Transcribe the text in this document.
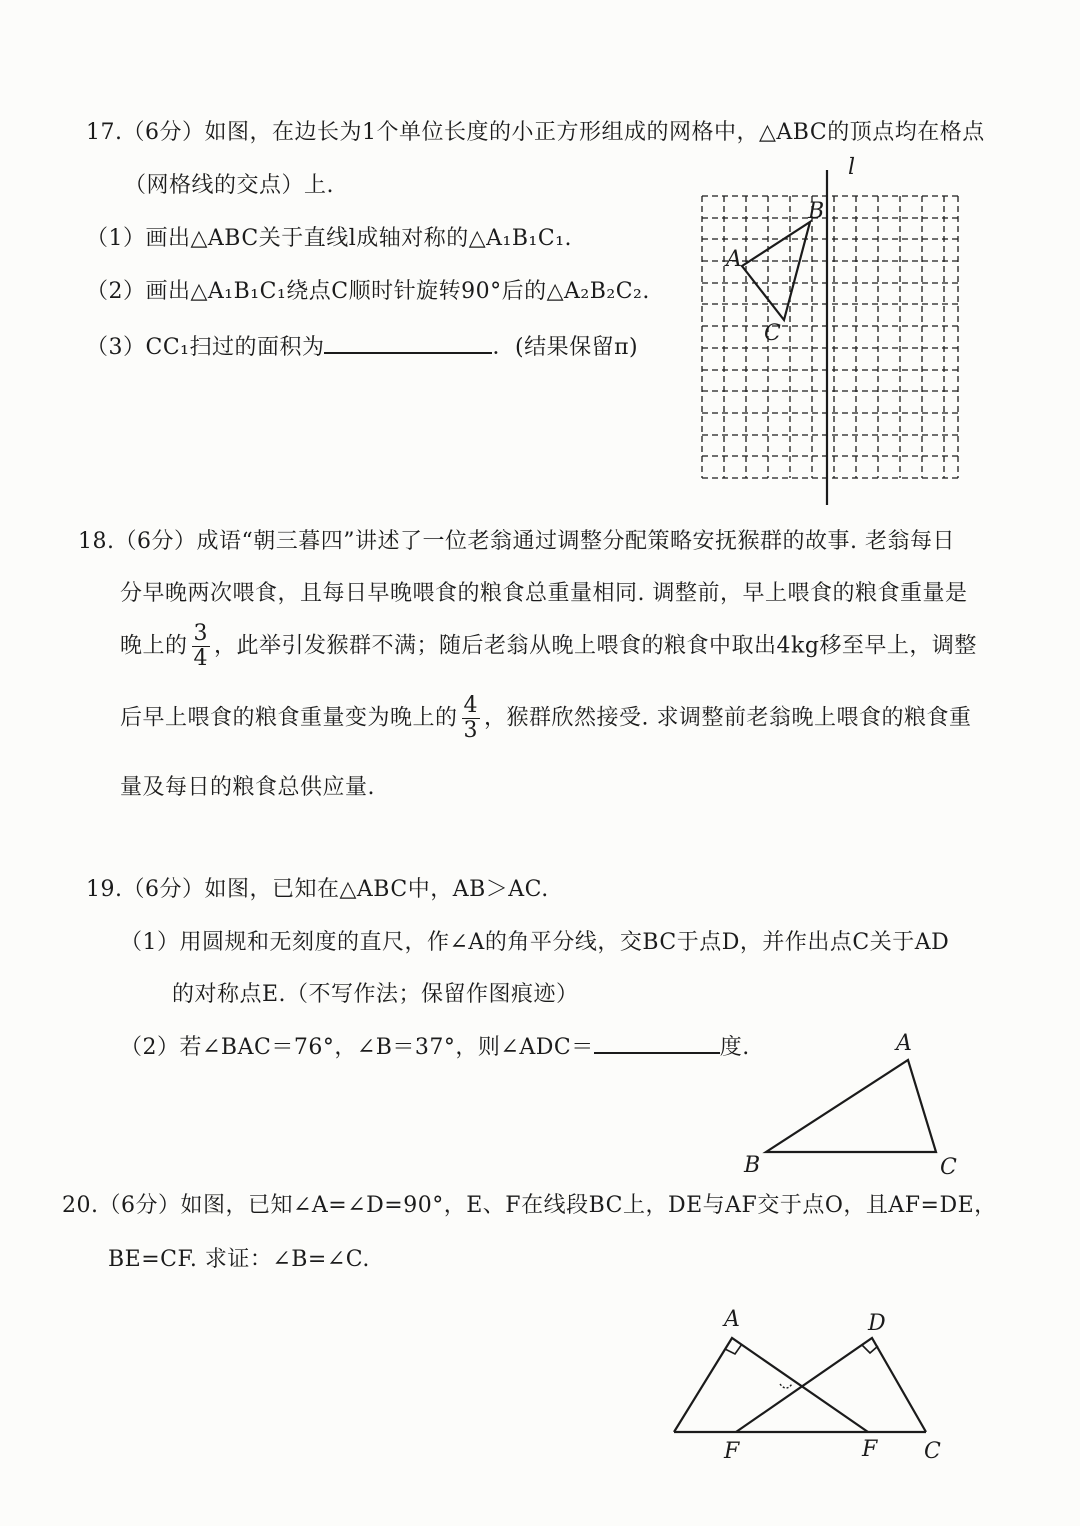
17.（6分）如图，在边长为1个单位长度的小正方形组成的网格中，△ABC的顶点均在格点
（网格线的交点）上.
（1）画出△ABC关于直线l成轴对称的△A₁B₁C₁.
（2）画出△A₁B₁C₁绕点C顺时针旋转90°后的△A₂B₂C₂.
（3）CC₁扫过的面积为	．(结果保留π)
l
A
B
C
18.（6分）成语“朝三暮四”讲述了一位老翁通过调整分配策略安抚猴群的故事. 老翁每日
分早晚两次喂食，且每日早晚喂食的粮食总重量相同. 调整前，早上喂食的粮食重量是
晚上的 $\frac{3}{4}$ ，此举引发猴群不满；随后老翁从晚上喂食的粮食中取出4kg移至早上，调整
后早上喂食的粮食重量变为晚上的 $\frac{4}{3}$ ，猴群欣然接受. 求调整前老翁晚上喂食的粮食重
量及每日的粮食总供应量.
19.（6分）如图，已知在△ABC中，AB＞AC.
（1）用圆规和无刻度的直尺，作∠A的角平分线，交BC于点D，并作出点C关于AD
的对称点E.（不写作法；保留作图痕迹）
（2）若∠BAC＝76°，∠B＝37°，则∠ADC＝	度.	A
B	C
20.（6分）如图，已知∠A=∠D=90°，E、F在线段BC上，DE与AF交于点O，且AF=DE，
BE=CF. 求证：∠B=∠C.
A	D
F	F C
